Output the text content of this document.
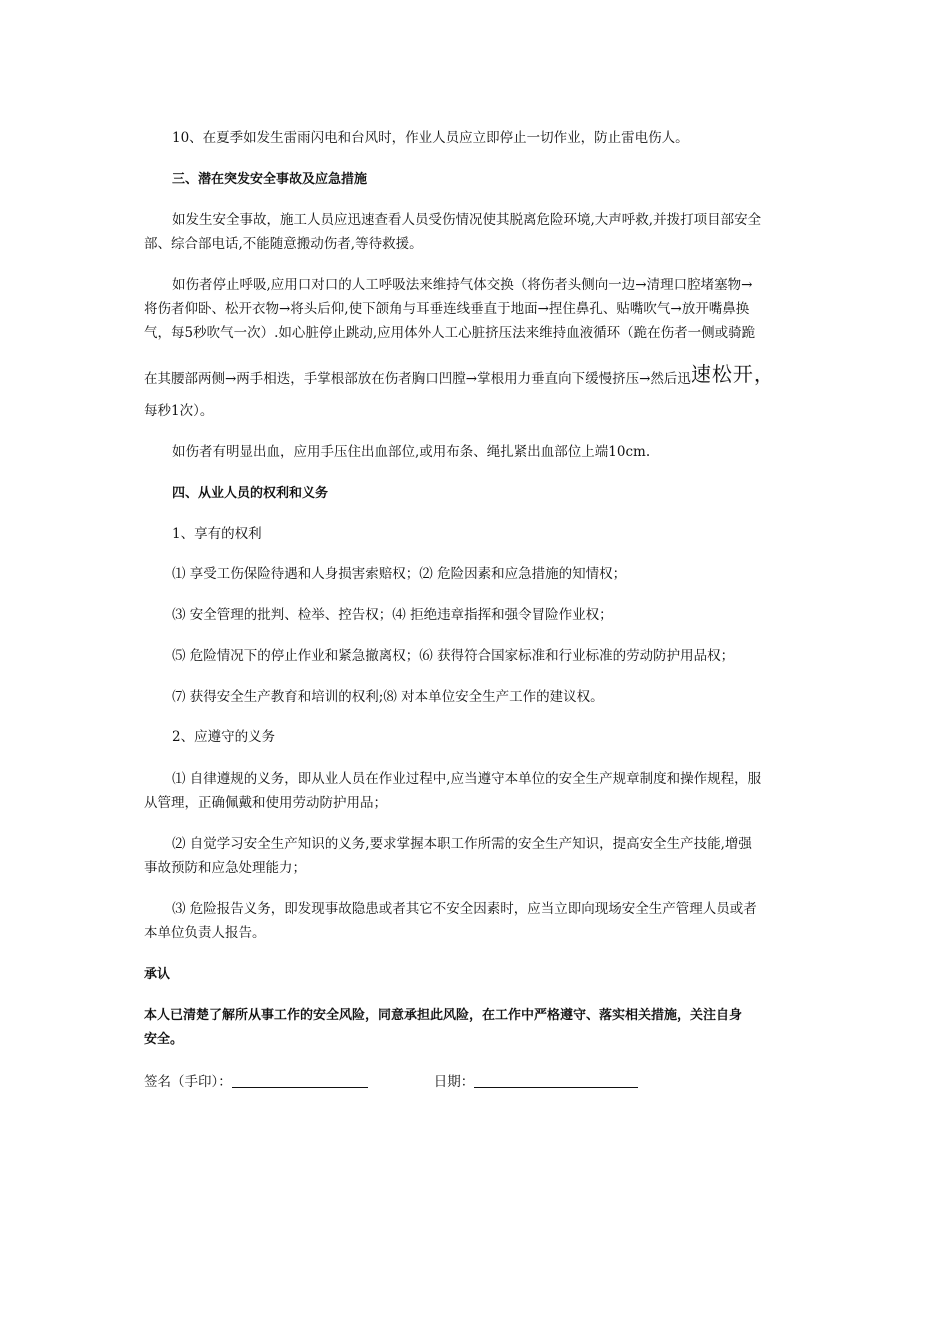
10、在夏季如发生雷雨闪电和台风时，作业人员应立即停止一切作业，防止雷电伤人。
三、潜在突发安全事故及应急措施
如发生安全事故，施工人员应迅速查看人员受伤情况使其脱离危险环境,大声呼救,并拨打项目部安全
部、综合部电话,不能随意搬动伤者,等待救援。
如伤者停止呼吸,应用口对口的人工呼吸法来维持气体交换（将伤者头侧向一边→清理口腔堵塞物→
将伤者仰卧、松开衣物→将头后仰,使下颌角与耳垂连线垂直于地面→捏住鼻孔、贴嘴吹气→放开嘴鼻换
气，每5秒吹气一次）.如心脏停止跳动,应用体外人工心脏挤压法来维持血液循环（跪在伤者一侧或骑跪
在其腰部两侧→两手相迭，手掌根部放在伤者胸口凹膛→掌根用力垂直向下缓慢挤压→然后迅速松开，
每秒1次）。
如伤者有明显出血，应用手压住出血部位,或用布条、绳扎紧出血部位上端10cm.
四、从业人员的权利和义务
1、享有的权利
⑴ 享受工伤保险待遇和人身损害索赔权；⑵ 危险因素和应急措施的知情权；
⑶ 安全管理的批判、检举、控告权；⑷ 拒绝违章指挥和强令冒险作业权；
⑸ 危险情况下的停止作业和紧急撤离权；⑹ 获得符合国家标准和行业标准的劳动防护用品权；
⑺ 获得安全生产教育和培训的权利;⑻ 对本单位安全生产工作的建议权。
2、应遵守的义务
⑴ 自律遵规的义务，即从业人员在作业过程中,应当遵守本单位的安全生产规章制度和操作规程，服
从管理，正确佩戴和使用劳动防护用品；
⑵ 自觉学习安全生产知识的义务,要求掌握本职工作所需的安全生产知识，提高安全生产技能,增强
事故预防和应急处理能力；
⑶ 危险报告义务，即发现事故隐患或者其它不安全因素时，应当立即向现场安全生产管理人员或者
本单位负责人报告。
承认
本人已清楚了解所从事工作的安全风险，同意承担此风险，在工作中严格遵守、落实相关措施，关注自身
安全。
签名（手印）：	日期：
